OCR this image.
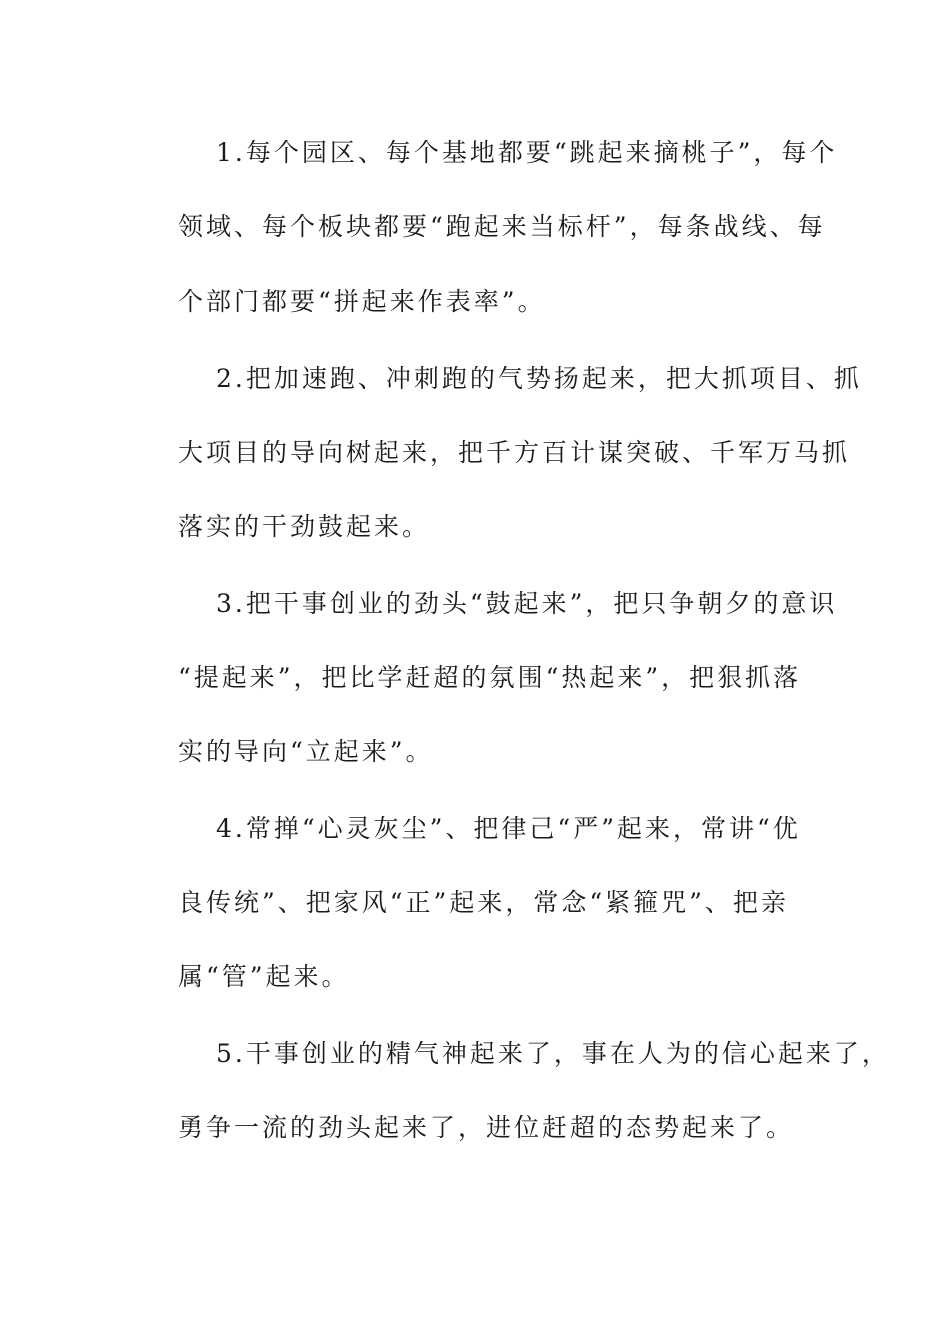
1.每个园区、每个基地都要“跳起来摘桃子”，每个
领域、每个板块都要“跑起来当标杆”，每条战线、每
个部门都要“拼起来作表率”。
2.把加速跑、冲刺跑的气势扬起来，把大抓项目、抓
大项目的导向树起来，把千方百计谋突破、千军万马抓
落实的干劲鼓起来。
3.把干事创业的劲头“鼓起来”，把只争朝夕的意识
“提起来”，把比学赶超的氛围“热起来”，把狠抓落
实的导向“立起来”。
4.常掸“心灵灰尘”、把律己“严”起来，常讲“优
良传统”、把家风“正”起来，常念“紧箍咒”、把亲
属“管”起来。
5.干事创业的精气神起来了，事在人为的信心起来了，
勇争一流的劲头起来了，进位赶超的态势起来了。
